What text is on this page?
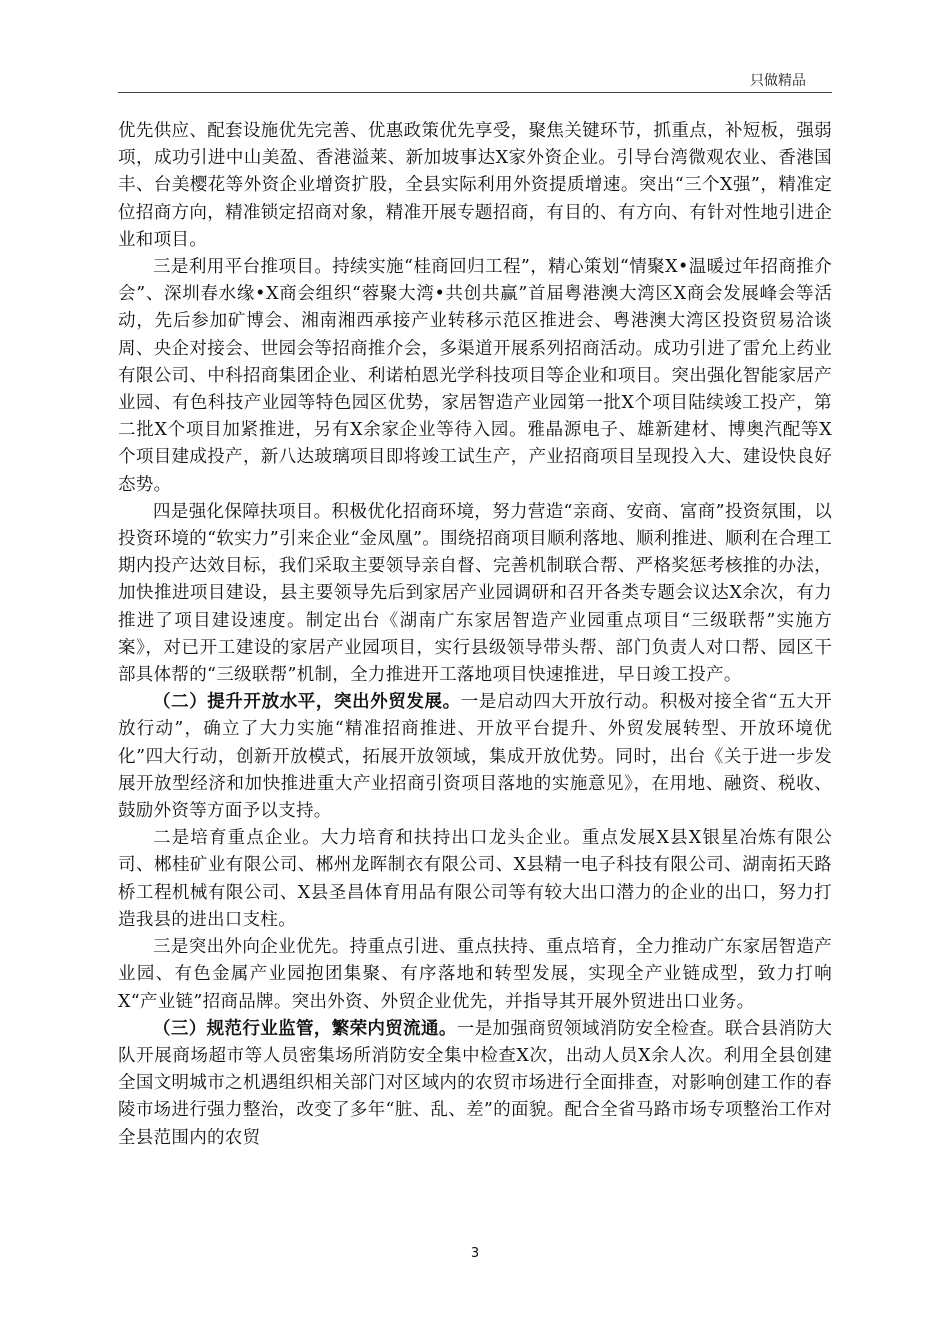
只做精品

优先供应、配套设施优先完善、优惠政策优先享受，聚焦关键环节，抓重点，补短板，强弱项，成功引进中山美盈、香港溢莱、新加坡事达Ⅹ家外资企业。引导台湾微观农业、香港国丰、台美樱花等外资企业增资扩股，全县实际利用外资提质增速。突出“三个Ⅹ强”，精准定位招商方向，精准锁定招商对象，精准开展专题招商，有目的、有方向、有针对性地引进企业和项目。

三是利用平台推项目。持续实施“桂商回归工程”，精心策划“情聚Ⅹ•温暖过年招商推介会”、深圳春水缘•Ⅹ商会组织“蓉聚大湾•共创共赢”首届粤港澳大湾区Ⅹ商会发展峰会等活动，先后参加矿博会、湘南湘西承接产业转移示范区推进会、粤港澳大湾区投资贸易洽谈周、央企对接会、世园会等招商推介会，多渠道开展系列招商活动。成功引进了雷允上药业有限公司、中科招商集团企业、利诺柏恩光学科技项目等企业和项目。突出强化智能家居产业园、有色科技产业园等特色园区优势，家居智造产业园第一批Ⅹ个项目陆续竣工投产，第二批Ⅹ个项目加紧推进，另有Ⅹ余家企业等待入园。雅晶源电子、雄新建材、博奥汽配等Ⅹ个项目建成投产，新八达玻璃项目即将竣工试生产，产业招商项目呈现投入大、建设快良好态势。

四是强化保障扶项目。积极优化招商环境，努力营造“亲商、安商、富商”投资氛围，以投资环境的“软实力”引来企业“金凤凰”。围绕招商项目顺利落地、顺利推进、顺利在合理工期内投产达效目标，我们采取主要领导亲自督、完善机制联合帮、严格奖惩考核推的办法，加快推进项目建设，县主要领导先后到家居产业园调研和召开各类专题会议达Ⅹ余次，有力推进了项目建设速度。制定出台《湖南广东家居智造产业园重点项目“三级联帮”实施方案》，对已开工建设的家居产业园项目，实行县级领导带头帮、部门负责人对口帮、园区干部具体帮的“三级联帮”机制，全力推进开工落地项目快速推进，早日竣工投产。

（二）提升开放水平，突出外贸发展。一是启动四大开放行动。积极对接全省“五大开放行动”，确立了大力实施“精准招商推进、开放平台提升、外贸发展转型、开放环境优化”四大行动，创新开放模式，拓展开放领域，集成开放优势。同时，出台《关于进一步发展开放型经济和加快推进重大产业招商引资项目落地的实施意见》，在用地、融资、税收、鼓励外资等方面予以支持。

二是培育重点企业。大力培育和扶持出口龙头企业。重点发展Ⅹ县Ⅹ银星冶炼有限公司、郴桂矿业有限公司、郴州龙晖制衣有限公司、Ⅹ县精一电子科技有限公司、湖南拓天路桥工程机械有限公司、Ⅹ县圣昌体育用品有限公司等有较大出口潜力的企业的出口，努力打造我县的进出口支柱。

三是突出外向企业优先。持重点引进、重点扶持、重点培育，全力推动广东家居智造产业园、有色金属产业园抱团集聚、有序落地和转型发展，实现全产业链成型，致力打响Ⅹ“产业链”招商品牌。突出外资、外贸企业优先，并指导其开展外贸进出口业务。

（三）规范行业监管，繁荣内贸流通。一是加强商贸领域消防安全检查。联合县消防大队开展商场超市等人员密集场所消防安全集中检查Ⅹ次，出动人员Ⅹ余人次。利用全县创建全国文明城市之机遇组织相关部门对区域内的农贸市场进行全面排查，对影响创建工作的春陵市场进行强力整治，改变了多年“脏、乱、差”的面貌。配合全省马路市场专项整治工作对全县范围内的农贸

3
